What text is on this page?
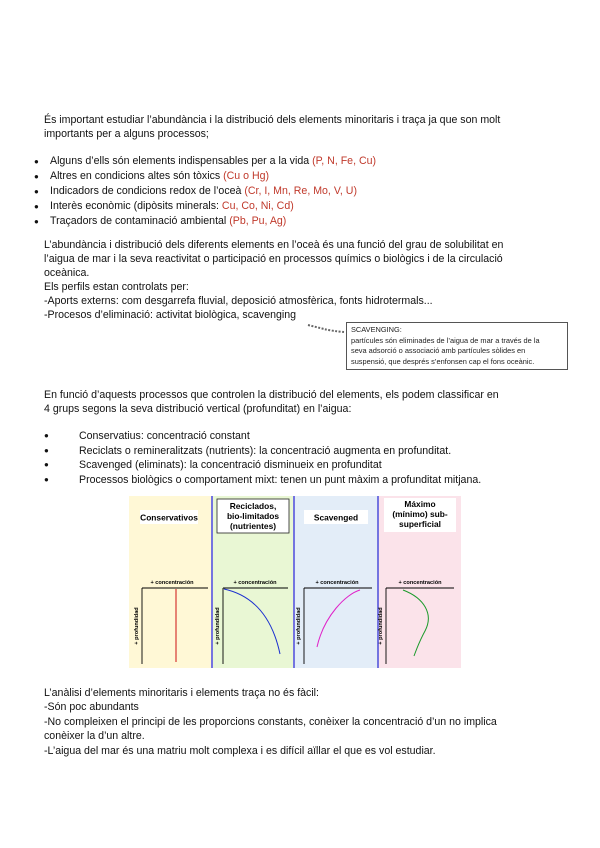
És important estudiar l’abundància i la distribució dels elements minoritaris i traça ja que son molt
importants per a alguns processos;
● Alguns d’ells són elements indispensables per a la vida (P, N, Fe, Cu)
● Altres en condicions altes són tòxics (Cu o Hg)
● Indicadors de condicions redox de l’oceà (Cr, I, Mn, Re, Mo, V, U)
● Interès econòmic (dipòsits minerals: Cu, Co, Ni, Cd)
● Traçadors de contaminació ambiental (Pb, Pu, Ag)
L’abundància i distribució dels diferents elements en l’oceà és una funció del grau de solubilitat en
l’aigua de mar i la seva reactivitat o participació en processos químics o biològics i de la circulació
oceànica.
Els perfils estan controlats per:
-Aports externs: com desgarrefa fluvial, deposició atmosfèrica, fonts hidrotermals...
-Procesos d’eliminació: activitat biològica, scavenging
SCAVENGING:
partícules són eliminades de l’aigua de mar a través de la
seva adsorció o associació amb partícules sòlides en
suspensió, que després s’enfonsen cap el fons oceànic.
En funció d’aquests processos que controlen la distribució del elements, els podem classificar en
4 grups segons la seva distribució vertical (profunditat) en l’aigua:
● Conservatius: concentració constant
● Reciclats o remineralitzats (nutrients): la concentració augmenta en profunditat.
● Scavenged (eliminats): la concentració disminueix en profunditat
● Processos biològics o comportament mixt: tenen un punt màxim a profunditat mitjana.
Conservativos
Reciclados,
bio-limitados
(nutrientes)
Scavenged
Máximo
(mínimo) sub-
superficial
+ concentración
+ profundidad
+ concentración
+ profundidad
+ concentración
+ profundidad
+ concentración
+ profundidad
L’anàlisi d’elements minoritaris i elements traça no és fàcil:
-Són poc abundants
-No compleixen el principi de les proporcions constants, conèixer la concentració d’un no implica
conèixer la d’un altre.
-L’aigua del mar és una matriu molt complexa i es difícil aïllar el que es vol estudiar.
